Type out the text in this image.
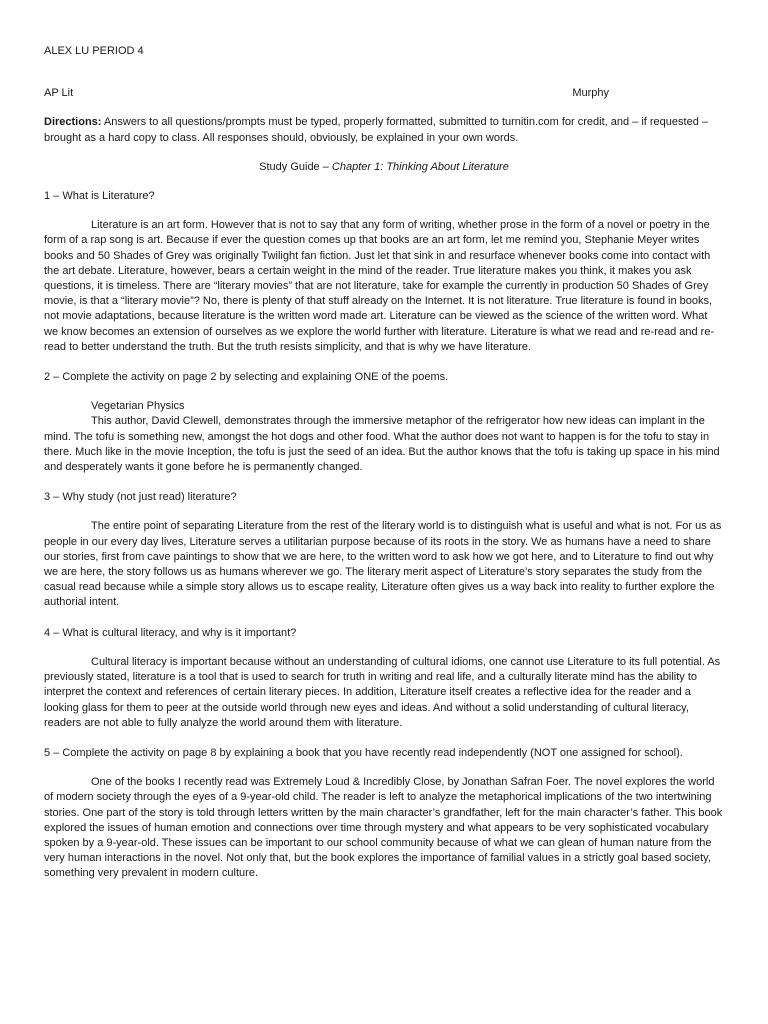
ALEX LU PERIOD 4
AP Lit	Murphy
Directions: Answers to all questions/prompts must be typed, properly formatted, submitted to turnitin.com for credit, and – if requested – brought as a hard copy to class. All responses should, obviously, be explained in your own words.
Study Guide – Chapter 1: Thinking About Literature
1 – What is Literature?
Literature is an art form. However that is not to say that any form of writing, whether prose in the form of a novel or poetry in the form of a rap song is art. Because if ever the question comes up that books are an art form, let me remind you, Stephanie Meyer writes books and 50 Shades of Grey was originally Twilight fan fiction. Just let that sink in and resurface whenever books come into contact with the art debate. Literature, however, bears a certain weight in the mind of the reader. True literature makes you think, it makes you ask questions, it is timeless. There are “literary movies” that are not literature, take for example the currently in production 50 Shades of Grey movie, is that a “literary movie”? No, there is plenty of that stuff already on the Internet. It is not literature. True literature is found in books, not movie adaptations, because literature is the written word made art. Literature can be viewed as the science of the written word. What we know becomes an extension of ourselves as we explore the world further with literature. Literature is what we read and re-read and re-read to better understand the truth. But the truth resists simplicity, and that is why we have literature.
2 – Complete the activity on page 2 by selecting and explaining ONE of the poems.
Vegetarian Physics
This author, David Clewell, demonstrates through the immersive metaphor of the refrigerator how new ideas can implant in the mind. The tofu is something new, amongst the hot dogs and other food. What the author does not want to happen is for the tofu to stay in there. Much like in the movie Inception, the tofu is just the seed of an idea. But the author knows that the tofu is taking up space in his mind and desperately wants it gone before he is permanently changed.
3 – Why study (not just read) literature?
The entire point of separating Literature from the rest of the literary world is to distinguish what is useful and what is not. For us as people in our every day lives, Literature serves a utilitarian purpose because of its roots in the story. We as humans have a need to share our stories, first from cave paintings to show that we are here, to the written word to ask how we got here, and to Literature to find out why we are here, the story follows us as humans wherever we go. The literary merit aspect of Literature’s story separates the study from the casual read because while a simple story allows us to escape reality, Literature often gives us a way back into reality to further explore the authorial intent.
4 – What is cultural literacy, and why is it important?
Cultural literacy is important because without an understanding of cultural idioms, one cannot use Literature to its full potential. As previously stated, literature is a tool that is used to search for truth in writing and real life, and a culturally literate mind has the ability to interpret the context and references of certain literary pieces. In addition, Literature itself creates a reflective idea for the reader and a looking glass for them to peer at the outside world through new eyes and ideas. And without a solid understanding of cultural literacy, readers are not able to fully analyze the world around them with literature.
5 – Complete the activity on page 8 by explaining a book that you have recently read independently (NOT one assigned for school).
One of the books I recently read was Extremely Loud & Incredibly Close, by Jonathan Safran Foer. The novel explores the world of modern society through the eyes of a 9-year-old child. The reader is left to analyze the metaphorical implications of the two intertwining stories. One part of the story is told through letters written by the main character’s grandfather, left for the main character’s father. This book explored the issues of human emotion and connections over time through mystery and what appears to be very sophisticated vocabulary spoken by a 9-year-old. These issues can be important to our school community because of what we can glean of human nature from the very human interactions in the novel. Not only that, but the book explores the importance of familial values in a strictly goal based society, something very prevalent in modern culture.
